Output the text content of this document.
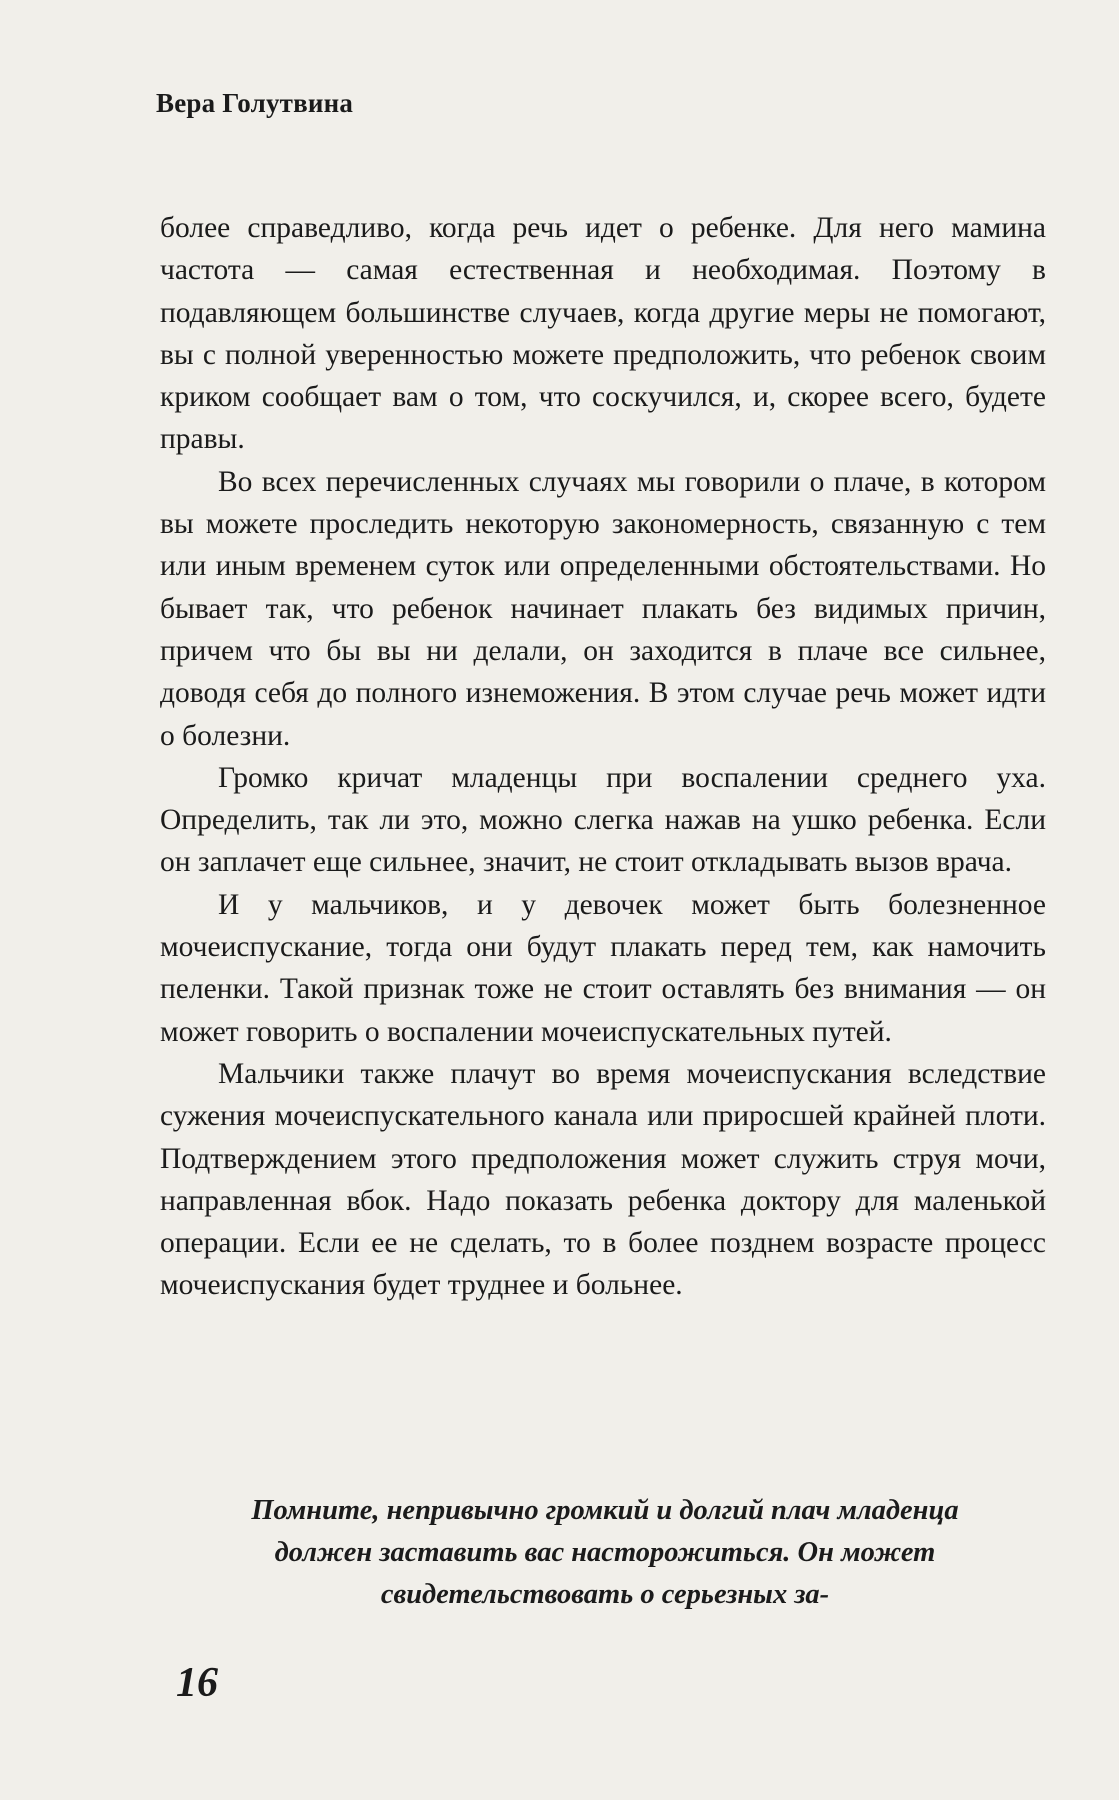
Вера Голутвина

более справедливо, когда речь идет о ребенке. Для него мамина частота — самая естественная и необходимая. Поэтому в подавляющем большинстве случаев, когда другие меры не помогают, вы с полной уверенностью можете предположить, что ребенок своим криком сообщает вам о том, что соскучился, и, скорее всего, будете правы.

Во всех перечисленных случаях мы говорили о плаче, в котором вы можете проследить некоторую закономерность, связанную с тем или иным временем суток или определенными обстоятельствами. Но бывает так, что ребенок начинает плакать без видимых причин, причем что бы вы ни делали, он заходится в плаче все сильнее, доводя себя до полного изнеможения. В этом случае речь может идти о болезни.

Громко кричат младенцы при воспалении среднего уха. Определить, так ли это, можно слегка нажав на ушко ребенка. Если он заплачет еще сильнее, значит, не стоит откладывать вызов врача.

И у мальчиков, и у девочек может быть болезненное мочеиспускание, тогда они будут плакать перед тем, как намочить пеленки. Такой признак тоже не стоит оставлять без внимания — он может говорить о воспалении мочеиспускательных путей.

Мальчики также плачут во время мочеиспускания вследствие сужения мочеиспускательного канала или приросшей крайней плоти. Подтверждением этого предположения может служить струя мочи, направленная вбок. Надо показать ребенка доктору для маленькой операции. Если ее не сделать, то в более позднем возрасте процесс мочеиспускания будет труднее и больнее.

Помните, непривычно громкий и долгий плач младенца должен заставить вас насторожиться. Он может свидетельствовать о серьезных за-
16
